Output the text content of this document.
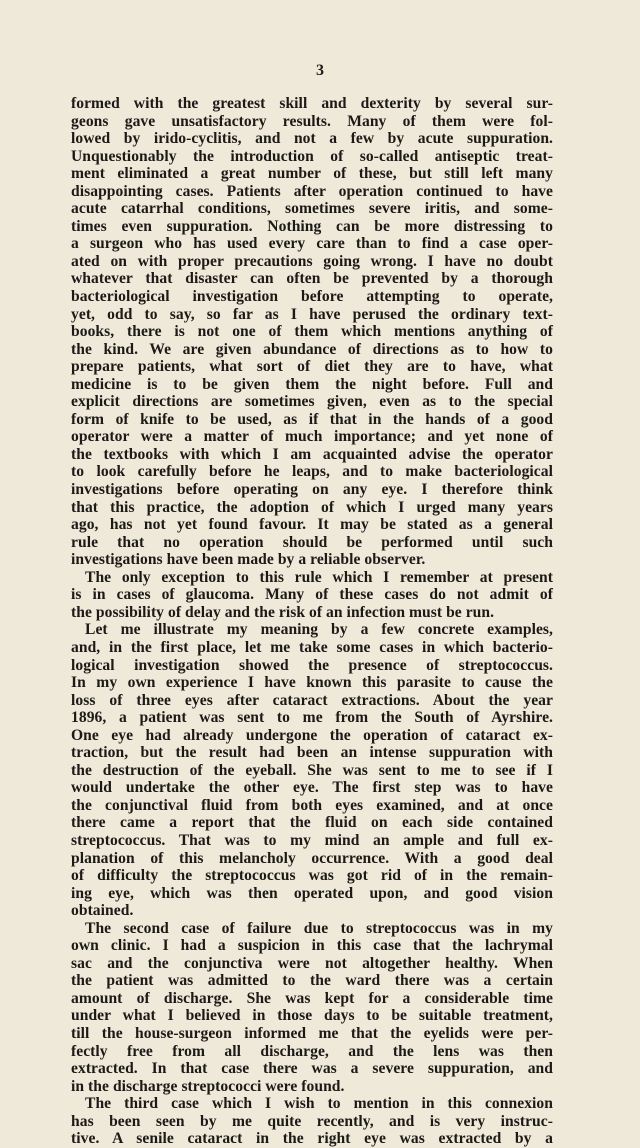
3
formed with the greatest skill and dexterity by several sur-
geons gave unsatisfactory results. Many of them were fol-
lowed by irido-cyclitis, and not a few by acute suppuration.
Unquestionably the introduction of so-called antiseptic treat-
ment eliminated a great number of these, but still left many
disappointing cases. Patients after operation continued to have
acute catarrhal conditions, sometimes severe iritis, and some-
times even suppuration. Nothing can be more distressing to
a surgeon who has used every care than to find a case oper-
ated on with proper precautions going wrong. I have no doubt
whatever that disaster can often be prevented by a thorough
bacteriological investigation before attempting to operate,
yet, odd to say, so far as I have perused the ordinary text-
books, there is not one of them which mentions anything of
the kind. We are given abundance of directions as to how to
prepare patients, what sort of diet they are to have, what
medicine is to be given them the night before. Full and
explicit directions are sometimes given, even as to the special
form of knife to be used, as if that in the hands of a good
operator were a matter of much importance; and yet none of
the textbooks with which I am acquainted advise the operator
to look carefully before he leaps, and to make bacteriological
investigations before operating on any eye. I therefore think
that this practice, the adoption of which I urged many years
ago, has not yet found favour. It may be stated as a general
rule that no operation should be performed until such
investigations have been made by a reliable observer.
The only exception to this rule which I remember at present
is in cases of glaucoma. Many of these cases do not admit of
the possibility of delay and the risk of an infection must be run.
Let me illustrate my meaning by a few concrete examples,
and, in the first place, let me take some cases in which bacterio-
logical investigation showed the presence of streptococcus.
In my own experience I have known this parasite to cause the
loss of three eyes after cataract extractions. About the year
1896, a patient was sent to me from the South of Ayrshire.
One eye had already undergone the operation of cataract ex-
traction, but the result had been an intense suppuration with
the destruction of the eyeball. She was sent to me to see if I
would undertake the other eye. The first step was to have
the conjunctival fluid from both eyes examined, and at once
there came a report that the fluid on each side contained
streptococcus. That was to my mind an ample and full ex-
planation of this melancholy occurrence. With a good deal
of difficulty the streptococcus was got rid of in the remain-
ing eye, which was then operated upon, and good vision
obtained.
The second case of failure due to streptococcus was in my
own clinic. I had a suspicion in this case that the lachrymal
sac and the conjunctiva were not altogether healthy. When
the patient was admitted to the ward there was a certain
amount of discharge. She was kept for a considerable time
under what I believed in those days to be suitable treatment,
till the house-surgeon informed me that the eyelids were per-
fectly free from all discharge, and the lens was then
extracted. In that case there was a severe suppuration, and
in the discharge streptococci were found.
The third case which I wish to mention in this connexion
has been seen by me quite recently, and is very instruc-
tive. A senile cataract in the right eye was extracted by a
